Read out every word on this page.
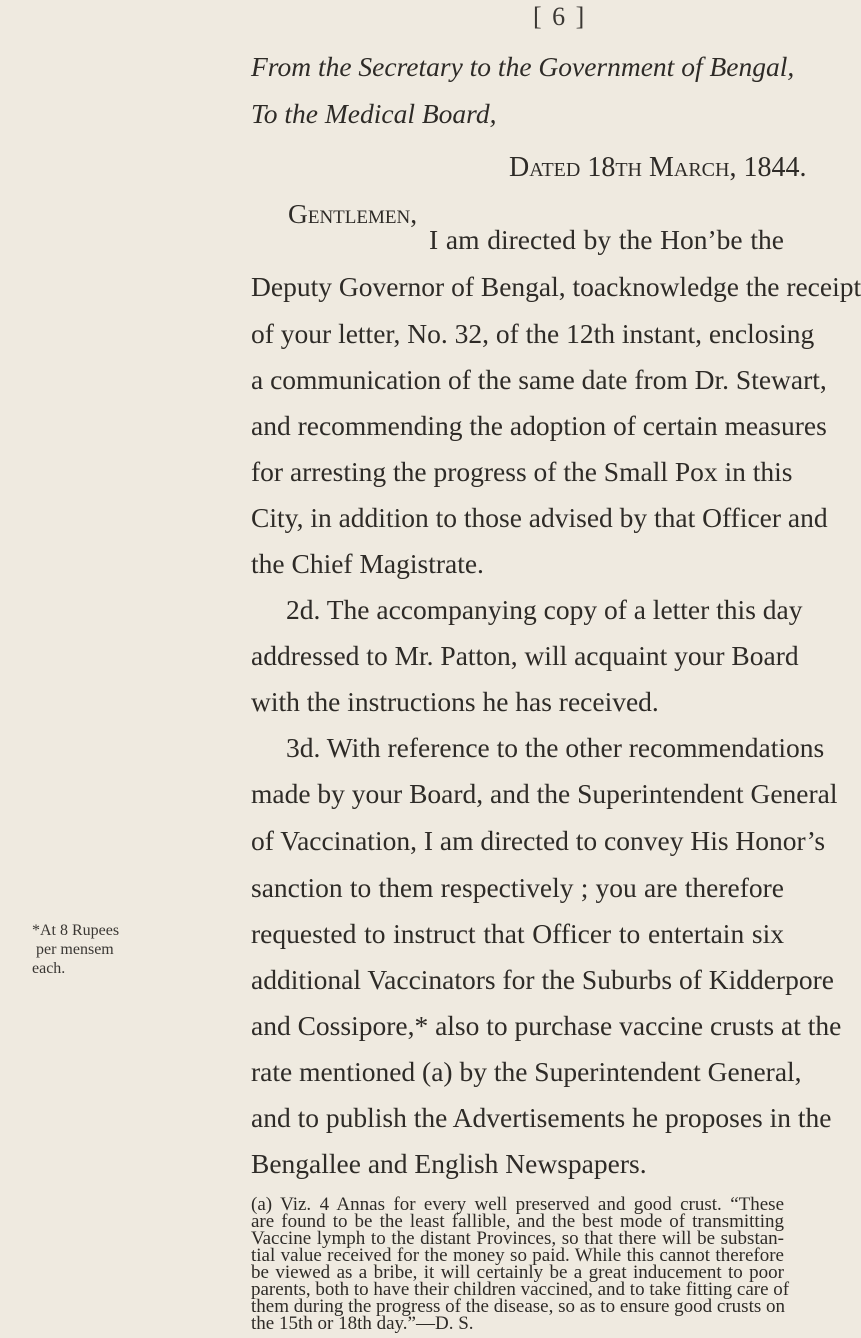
[ 6 ]
From the Secretary to the Government of Bengal,
To the Medical Board,
Dated 18th March, 1844.
Gentlemen,
I am directed by the Hon’be the
Deputy Governor of Bengal, toacknowledge the receipt
of your letter, No. 32, of the 12th instant, enclosing
a communication of the same date from Dr. Stewart,
and recommending the adoption of certain measures
for arresting the progress of the Small Pox in this
City, in addition to those advised by that Officer and
the Chief Magistrate.
2d. The accompanying copy of a letter this day
addressed to Mr. Patton, will acquaint your Board
with the instructions he has received.
3d. With reference to the other recommendations
made by your Board, and the Superintendent General
of Vaccination, I am directed to convey His Honor’s
sanction to them respectively ; you are therefore
requested to instruct that Officer to entertain six
additional Vaccinators for the Suburbs of Kidderpore
and Cossipore,* also to purchase vaccine crusts at the
rate mentioned (a) by the Superintendent General,
and to publish the Advertisements he proposes in the
Bengallee and English Newspapers.
*At 8 Rupees
per mensem
each.
(a) Viz. 4 Annas for every well preserved and good crust. “These
are found to be the least fallible, and the best mode of transmitting
Vaccine lymph to the distant Provinces, so that there will be substan-
tial value received for the money so paid. While this cannot therefore
be viewed as a bribe, it will certainly be a great inducement to poor
parents, both to have their children vaccined, and to take fitting care of
them during the progress of the disease, so as to ensure good crusts on
the 15th or 18th day.”—D. S.
